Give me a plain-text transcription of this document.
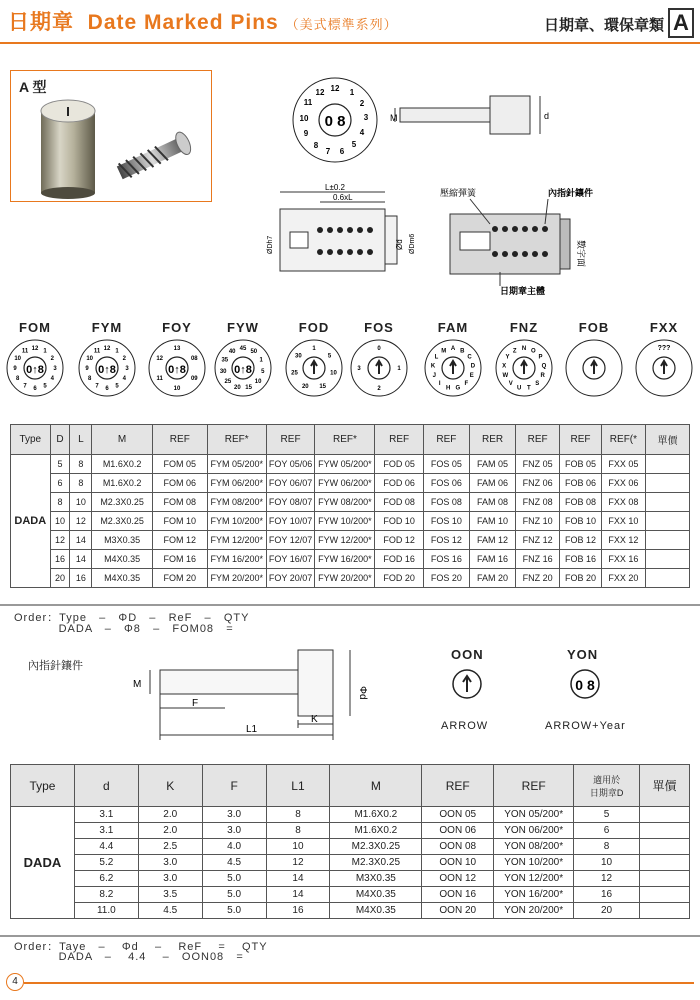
日期章 Date Marked Pins （美式標準系列）	日期章、環保章類 A
A 型
0 8
12 1
2
3
4
5
6
7
8
9
10
11
12
M	d
L±0.2
0.6xL
ØDh7	Ød ØDm6
壓縮彈簧	內指針鑲件
日期章主體
數字面
FOM
0↑8
12 1
2
3
4
5
6
7
8
9
10
11
FYM
0↑8
12 1
2
3
4
5
6
7
8
9
10
11
FOY
0↑8
13
08
09
10
11
12
FYW
0↑8
45
50
1
5
10
15
20
25
30
35
40
FOD
1
5
10
15
20
25
30
FOS
0
1
2
3
FAM
A B
C
D
E
F
G
H
I
J
K
L
M
FNZ
N O
P
Q
R
S
T
U
V
W
X
Y
Z
FOB	FXX
???
Type	D	L	M	REF	REF*	REF	REF*	REF	REF	RER	REF	REF	REF(*	單價
DADA	5	8	M1.6X0.2	FOM 05	FYM 05/200*	FOY 05/06	FYW 05/200*	FOD 05	FOS 05	FAM 05	FNZ 05	FOB 05	FXX 05	
	6	8	M1.6X0.2	FOM 06	FYM 06/200*	FOY 06/07	FYW 06/200*	FOD 06	FOS 06	FAM 06	FNZ 06	FOB 06	FXX 06	
	8	10	M2.3X0.25	FOM 08	FYM 08/200*	FOY 08/07	FYW 08/200*	FOD 08	FOS 08	FAM 08	FNZ 08	FOB 08	FXX 08	
	10	12	M2.3X0.25	FOM 10	FYM 10/200*	FOY 10/07	FYW 10/200*	FOD 10	FOS 10	FAM 10	FNZ 10	FOB 10	FXX 10	
	12	14	M3X0.35	FOM 12	FYM 12/200*	FOY 12/07	FYW 12/200*	FOD 12	FOS 12	FAM 12	FNZ 12	FOB 12	FXX 12	
	16	14	M4X0.35	FOM 16	FYM 16/200*	FOY 16/07	FYW 16/200*	FOD 16	FOS 16	FAM 16	FNZ 16	FOB 16	FXX 16	
	20	16	M4X0.35	FOM 20	FYM 20/200*	FOY 20/07	FYW 20/200*	FOD 20	FOS 20	FAM 20	FNZ 20	FOB 20	FXX 20	
Order：Type   –   ΦD   –   ReF   –   QTY
DADA   –   Φ8   –   FOM08   =
內指針鑲件
M
Φd
F
K
L1
0 8
OON	YON
ARROW	ARROW+Year
Type	d	K	F	L1	M	REF	REF	適用於
日期章D	單價
DADA	3.1	2.0	3.0	8	M1.6X0.2	OON 05	YON 05/200*	5	
	3.1	2.0	3.0	8	M1.6X0.2	OON 06	YON 06/200*	6	
	4.4	2.5	4.0	10	M2.3X0.25	OON 08	YON 08/200*	8	
	5.2	3.0	4.5	12	M2.3X0.25	OON 10	YON 10/200*	10	
	6.2	3.0	5.0	14	M3X0.35	OON 12	YON 12/200*	12	
	8.2	3.5	5.0	14	M4X0.35	OON 16	YON 16/200*	16	
	11.0	4.5	5.0	16	M4X0.35	OON 20	YON 20/200*	20	
Order：Taye   –    Φd    –    ReF    =    QTY
DADA   –    4.4    –   OON08   =
4
